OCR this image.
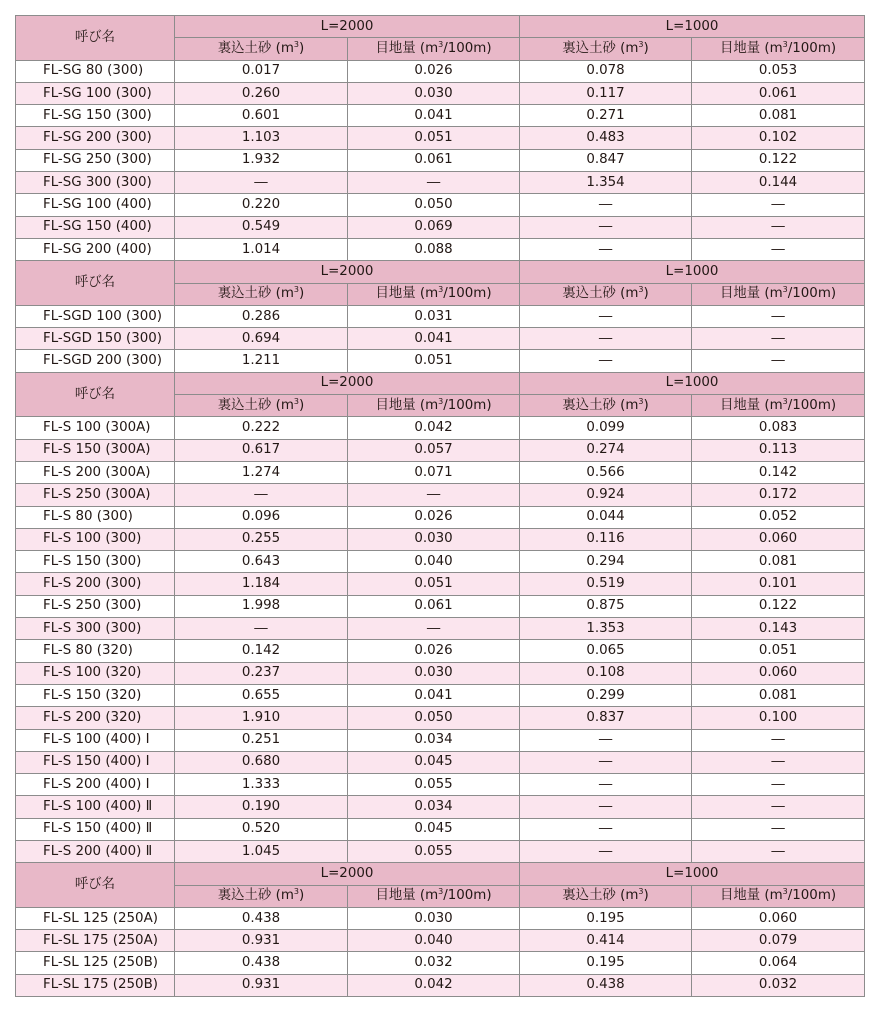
呼び名	L=2000		L=1000	
	裏込土砂 $(m^3)$	目地量 $(m^3/100m)$	裏込土砂 $(m^3)$	目地量 $(m^3/100m)$
FL-SG 80 (300)	0.017	0.026	0.078	0.053
FL-SG 100 (300)	0.260	0.030	0.117	0.061
FL-SG 150 (300)	0.601	0.041	0.271	0.081
FL-SG 200 (300)	1.103	0.051	0.483	0.102
FL-SG 250 (300)	1.932	0.061	0.847	0.122
FL-SG 300 (300)	―	―	1.354	0.144
FL-SG 100 (400)	0.220	0.050	―	―
FL-SG 150 (400)	0.549	0.069	―	―
FL-SG 200 (400)	1.014	0.088	―	―
呼び名	L=2000		L=1000	
	裏込土砂 $(m^3)$	目地量 $(m^3/100m)$	裏込土砂 $(m^3)$	目地量 $(m^3/100m)$
FL-SGD 100 (300)	0.286	0.031	―	―
FL-SGD 150 (300)	0.694	0.041	―	―
FL-SGD 200 (300)	1.211	0.051	―	―
呼び名	L=2000		L=1000	
	裏込土砂 $(m^3)$	目地量 $(m^3/100m)$	裏込土砂 $(m^3)$	目地量 $(m^3/100m)$
FL-S 100 (300A)	0.222	0.042	0.099	0.083
FL-S 150 (300A)	0.617	0.057	0.274	0.113
FL-S 200 (300A)	1.274	0.071	0.566	0.142
FL-S 250 (300A)	―	―	0.924	0.172
FL-S 80 (300)	0.096	0.026	0.044	0.052
FL-S 100 (300)	0.255	0.030	0.116	0.060
FL-S 150 (300)	0.643	0.040	0.294	0.081
FL-S 200 (300)	1.184	0.051	0.519	0.101
FL-S 250 (300)	1.998	0.061	0.875	0.122
FL-S 300 (300)	―	―	1.353	0.143
FL-S 80 (320)	0.142	0.026	0.065	0.051
FL-S 100 (320)	0.237	0.030	0.108	0.060
FL-S 150 (320)	0.655	0.041	0.299	0.081
FL-S 200 (320)	1.910	0.050	0.837	0.100
FL-S 100 (400) Ⅰ	0.251	0.034	―	―
FL-S 150 (400) Ⅰ	0.680	0.045	―	―
FL-S 200 (400) Ⅰ	1.333	0.055	―	―
FL-S 100 (400) Ⅱ	0.190	0.034	―	―
FL-S 150 (400) Ⅱ	0.520	0.045	―	―
FL-S 200 (400) Ⅱ	1.045	0.055	―	―
呼び名	L=2000		L=1000	
	裏込土砂 $(m^3)$	目地量 $(m^3/100m)$	裏込土砂 $(m^3)$	目地量 $(m^3/100m)$
FL-SL 125 (250A)	0.438	0.030	0.195	0.060
FL-SL 175 (250A)	0.931	0.040	0.414	0.079
FL-SL 125 (250B)	0.438	0.032	0.195	0.064
FL-SL 175 (250B)	0.931	0.042	0.438	0.032
